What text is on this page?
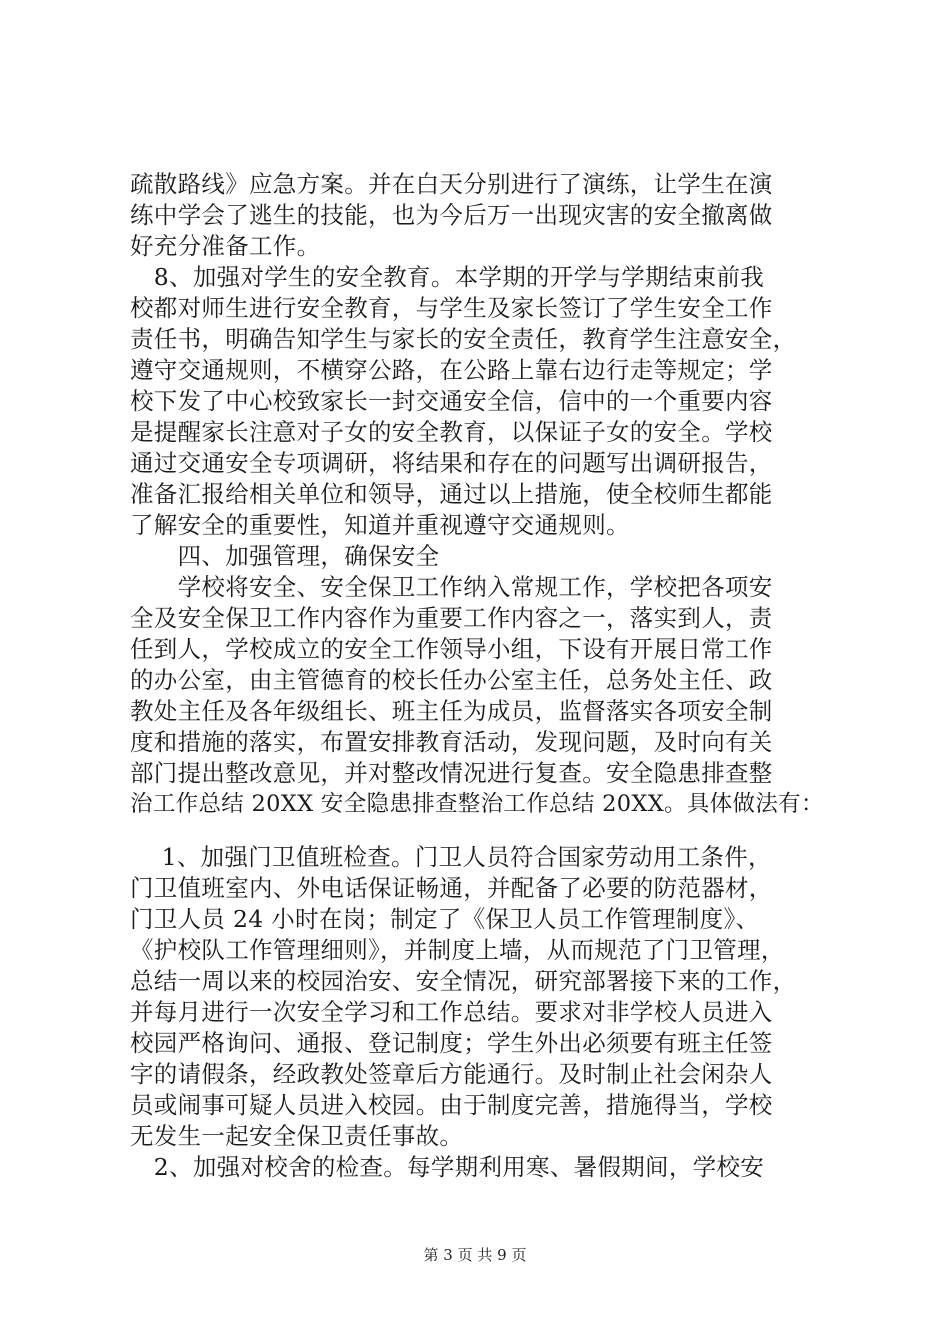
疏散路线》应急方案。并在白天分别进行了演练，让学生在演
练中学会了逃生的技能，也为今后万一出现灾害的安全撤离做
好充分准备工作。
　8、加强对学生的安全教育。本学期的开学与学期结束前我
校都对师生进行安全教育，与学生及家长签订了学生安全工作
责任书，明确告知学生与家长的安全责任，教育学生注意安全，
遵守交通规则，不横穿公路，在公路上靠右边行走等规定；学
校下发了中心校致家长一封交通安全信，信中的一个重要内容
是提醒家长注意对子女的安全教育，以保证子女的安全。学校
通过交通安全专项调研，将结果和存在的问题写出调研报告，
准备汇报给相关单位和领导，通过以上措施，使全校师生都能
了解安全的重要性，知道并重视遵守交通规则。
　　四、加强管理，确保安全
　　学校将安全、安全保卫工作纳入常规工作，学校把各项安
全及安全保卫工作内容作为重要工作内容之一，落实到人，责
任到人，学校成立的安全工作领导小组，下设有开展日常工作
的办公室，由主管德育的校长任办公室主任，总务处主任、政
教处主任及各年级组长、班主任为成员，监督落实各项安全制
度和措施的落实，布置安排教育活动，发现问题，及时向有关
部门提出整改意见，并对整改情况进行复查。安全隐患排查整
治工作总结 20XX 安全隐患排查整治工作总结 20XX。具体做法有：
　 1、加强门卫值班检查。门卫人员符合国家劳动用工条件，
门卫值班室内、外电话保证畅通，并配备了必要的防范器材，
门卫人员 24 小时在岗；制定了《保卫人员工作管理制度》、
《护校队工作管理细则》，并制度上墙，从而规范了门卫管理，
总结一周以来的校园治安、安全情况，研究部署接下来的工作，
并每月进行一次安全学习和工作总结。要求对非学校人员进入
校园严格询问、通报、登记制度；学生外出必须要有班主任签
字的请假条，经政教处签章后方能通行。及时制止社会闲杂人
员或闹事可疑人员进入校园。由于制度完善，措施得当，学校
无发生一起安全保卫责任事故。
　2、加强对校舍的检查。每学期利用寒、暑假期间，学校安
第 3 页 共 9 页
